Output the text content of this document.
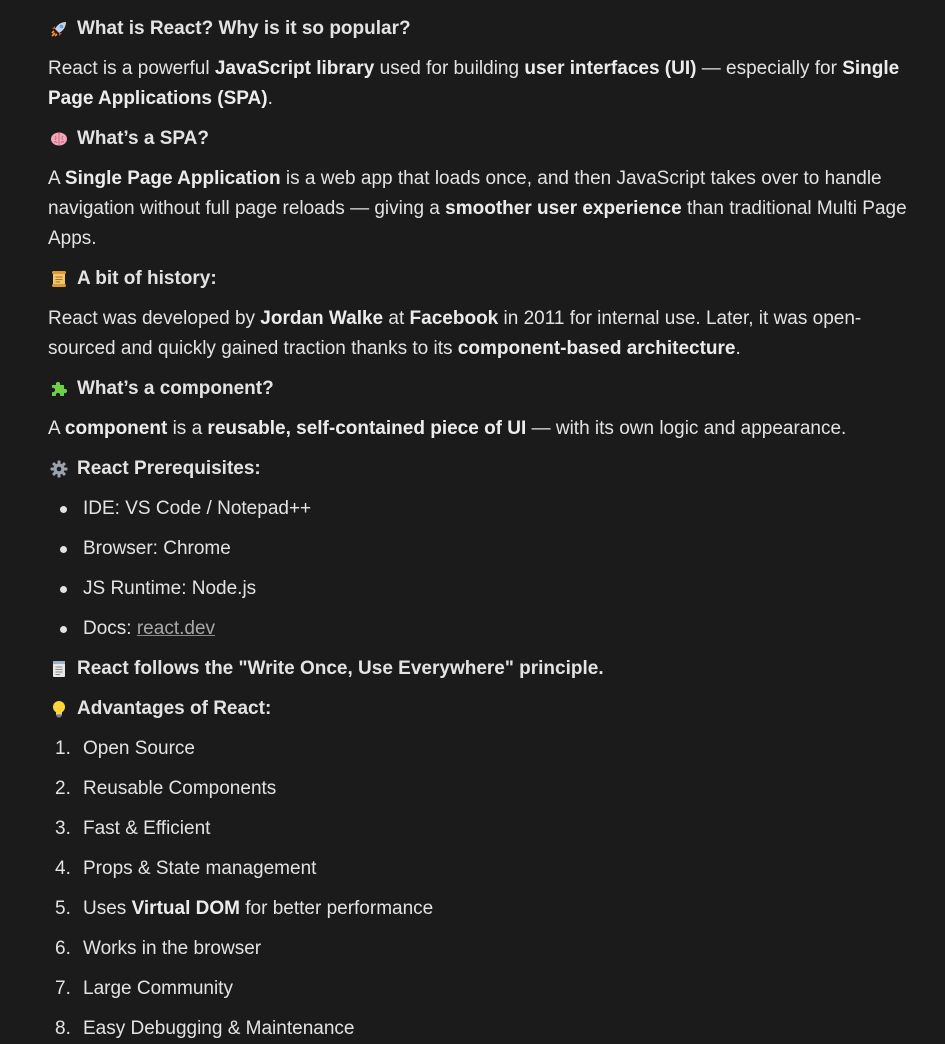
What is React? Why is it so popular?
React is a powerful JavaScript library used for building user interfaces (UI) — especially for Single Page Applications (SPA).
What’s a SPA?
A Single Page Application is a web app that loads once, and then JavaScript takes over to handle navigation without full page reloads — giving a smoother user experience than traditional Multi Page Apps.
A bit of history:
React was developed by Jordan Walke at Facebook in 2011 for internal use. Later, it was open-sourced and quickly gained traction thanks to its component-based architecture.
What’s a component?
A component is a reusable, self-contained piece of UI — with its own logic and appearance.
React Prerequisites:
IDE: VS Code / Notepad++
Browser: Chrome
JS Runtime: Node.js
Docs: react.dev
React follows the "Write Once, Use Everywhere" principle.
Advantages of React:
1. Open Source
2. Reusable Components
3. Fast & Efficient
4. Props & State management
5. Uses Virtual DOM for better performance
6. Works in the browser
7. Large Community
8. Easy Debugging & Maintenance
